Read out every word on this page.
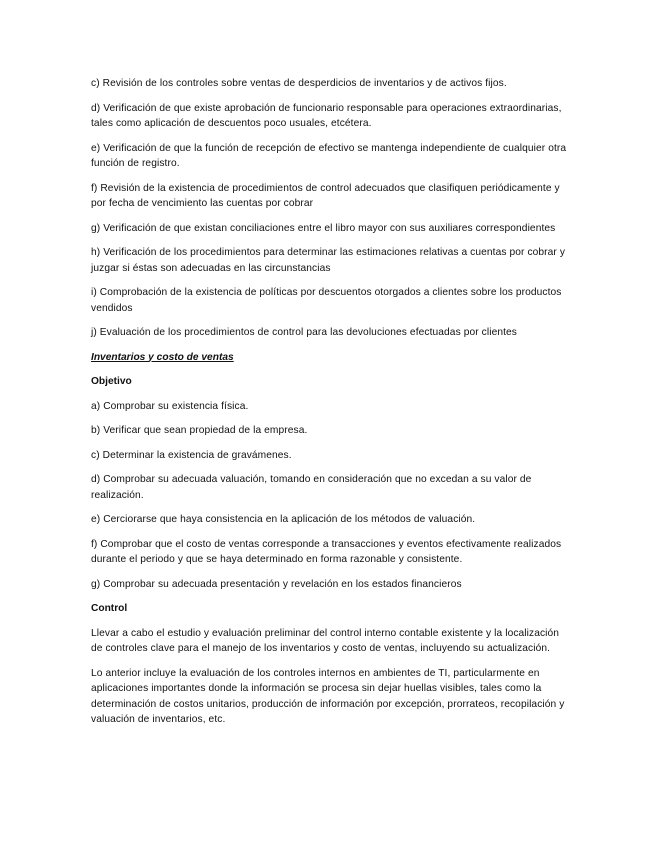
c) Revisión de los controles sobre ventas de desperdicios de inventarios y de activos fijos.

d) Verificación de que existe aprobación de funcionario responsable para operaciones extraordinarias, tales como aplicación de descuentos poco usuales, etcétera.

e) Verificación de que la función de recepción de efectivo se mantenga independiente de cualquier otra función de registro.

f) Revisión de la existencia de procedimientos de control adecuados que clasifiquen periódicamente y por fecha de vencimiento las cuentas por cobrar

g) Verificación de que existan conciliaciones entre el libro mayor con sus auxiliares correspondientes

h) Verificación de los procedimientos para determinar las estimaciones relativas a cuentas por cobrar y juzgar si éstas son adecuadas en las circunstancias

i) Comprobación de la existencia de políticas por descuentos otorgados a clientes sobre los productos vendidos

j) Evaluación de los procedimientos de control para las devoluciones efectuadas por clientes

Inventarios y costo de ventas

Objetivo

a) Comprobar su existencia física.

b) Verificar que sean propiedad de la empresa.

c) Determinar la existencia de gravámenes.

d) Comprobar su adecuada valuación, tomando en consideración que no excedan a su valor de realización.

e) Cerciorarse que haya consistencia en la aplicación de los métodos de valuación.

f) Comprobar que el costo de ventas corresponde a transacciones y eventos efectivamente realizados durante el periodo y que se haya determinado en forma razonable y consistente.

g) Comprobar su adecuada presentación y revelación en los estados financieros

Control

Llevar a cabo el estudio y evaluación preliminar del control interno contable existente y la localización de controles clave para el manejo de los inventarios y costo de ventas, incluyendo su actualización.

Lo anterior incluye la evaluación de los controles internos en ambientes de TI, particularmente en aplicaciones importantes donde la información se procesa sin dejar huellas visibles, tales como la determinación de costos unitarios, producción de información por excepción, prorrateos, recopilación y valuación de inventarios, etc.
